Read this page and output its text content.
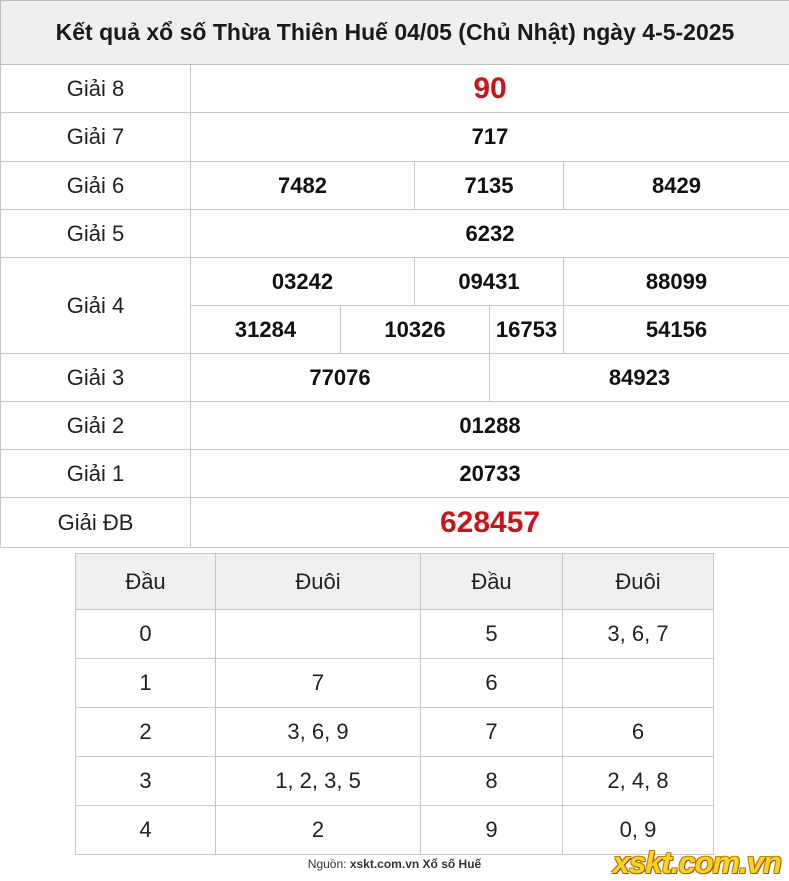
Kết quả xổ số Thừa Thiên Huế 04/05 (Chủ Nhật) ngày 4-5-2025					
Giải 8	90				
Giải 7	717				
Giải 6	7482		7135		8429
Giải 5	6232				
Giải 4	03242		09431		88099
	31284	10326		16753	54156
Giải 3	77076			84923	
Giải 2	01288				
Giải 1	20733				
Giải ĐB	628457				
Đầu	Đuôi	Đầu	Đuôi
0		5	3, 6, 7
1	7	6	
2	3, 6, 9	7	6
3	1, 2, 3, 5	8	2, 4, 8
4	2	9	0, 9
Nguồn: xskt.com.vn Xổ số Huế	xskt.com.vn
